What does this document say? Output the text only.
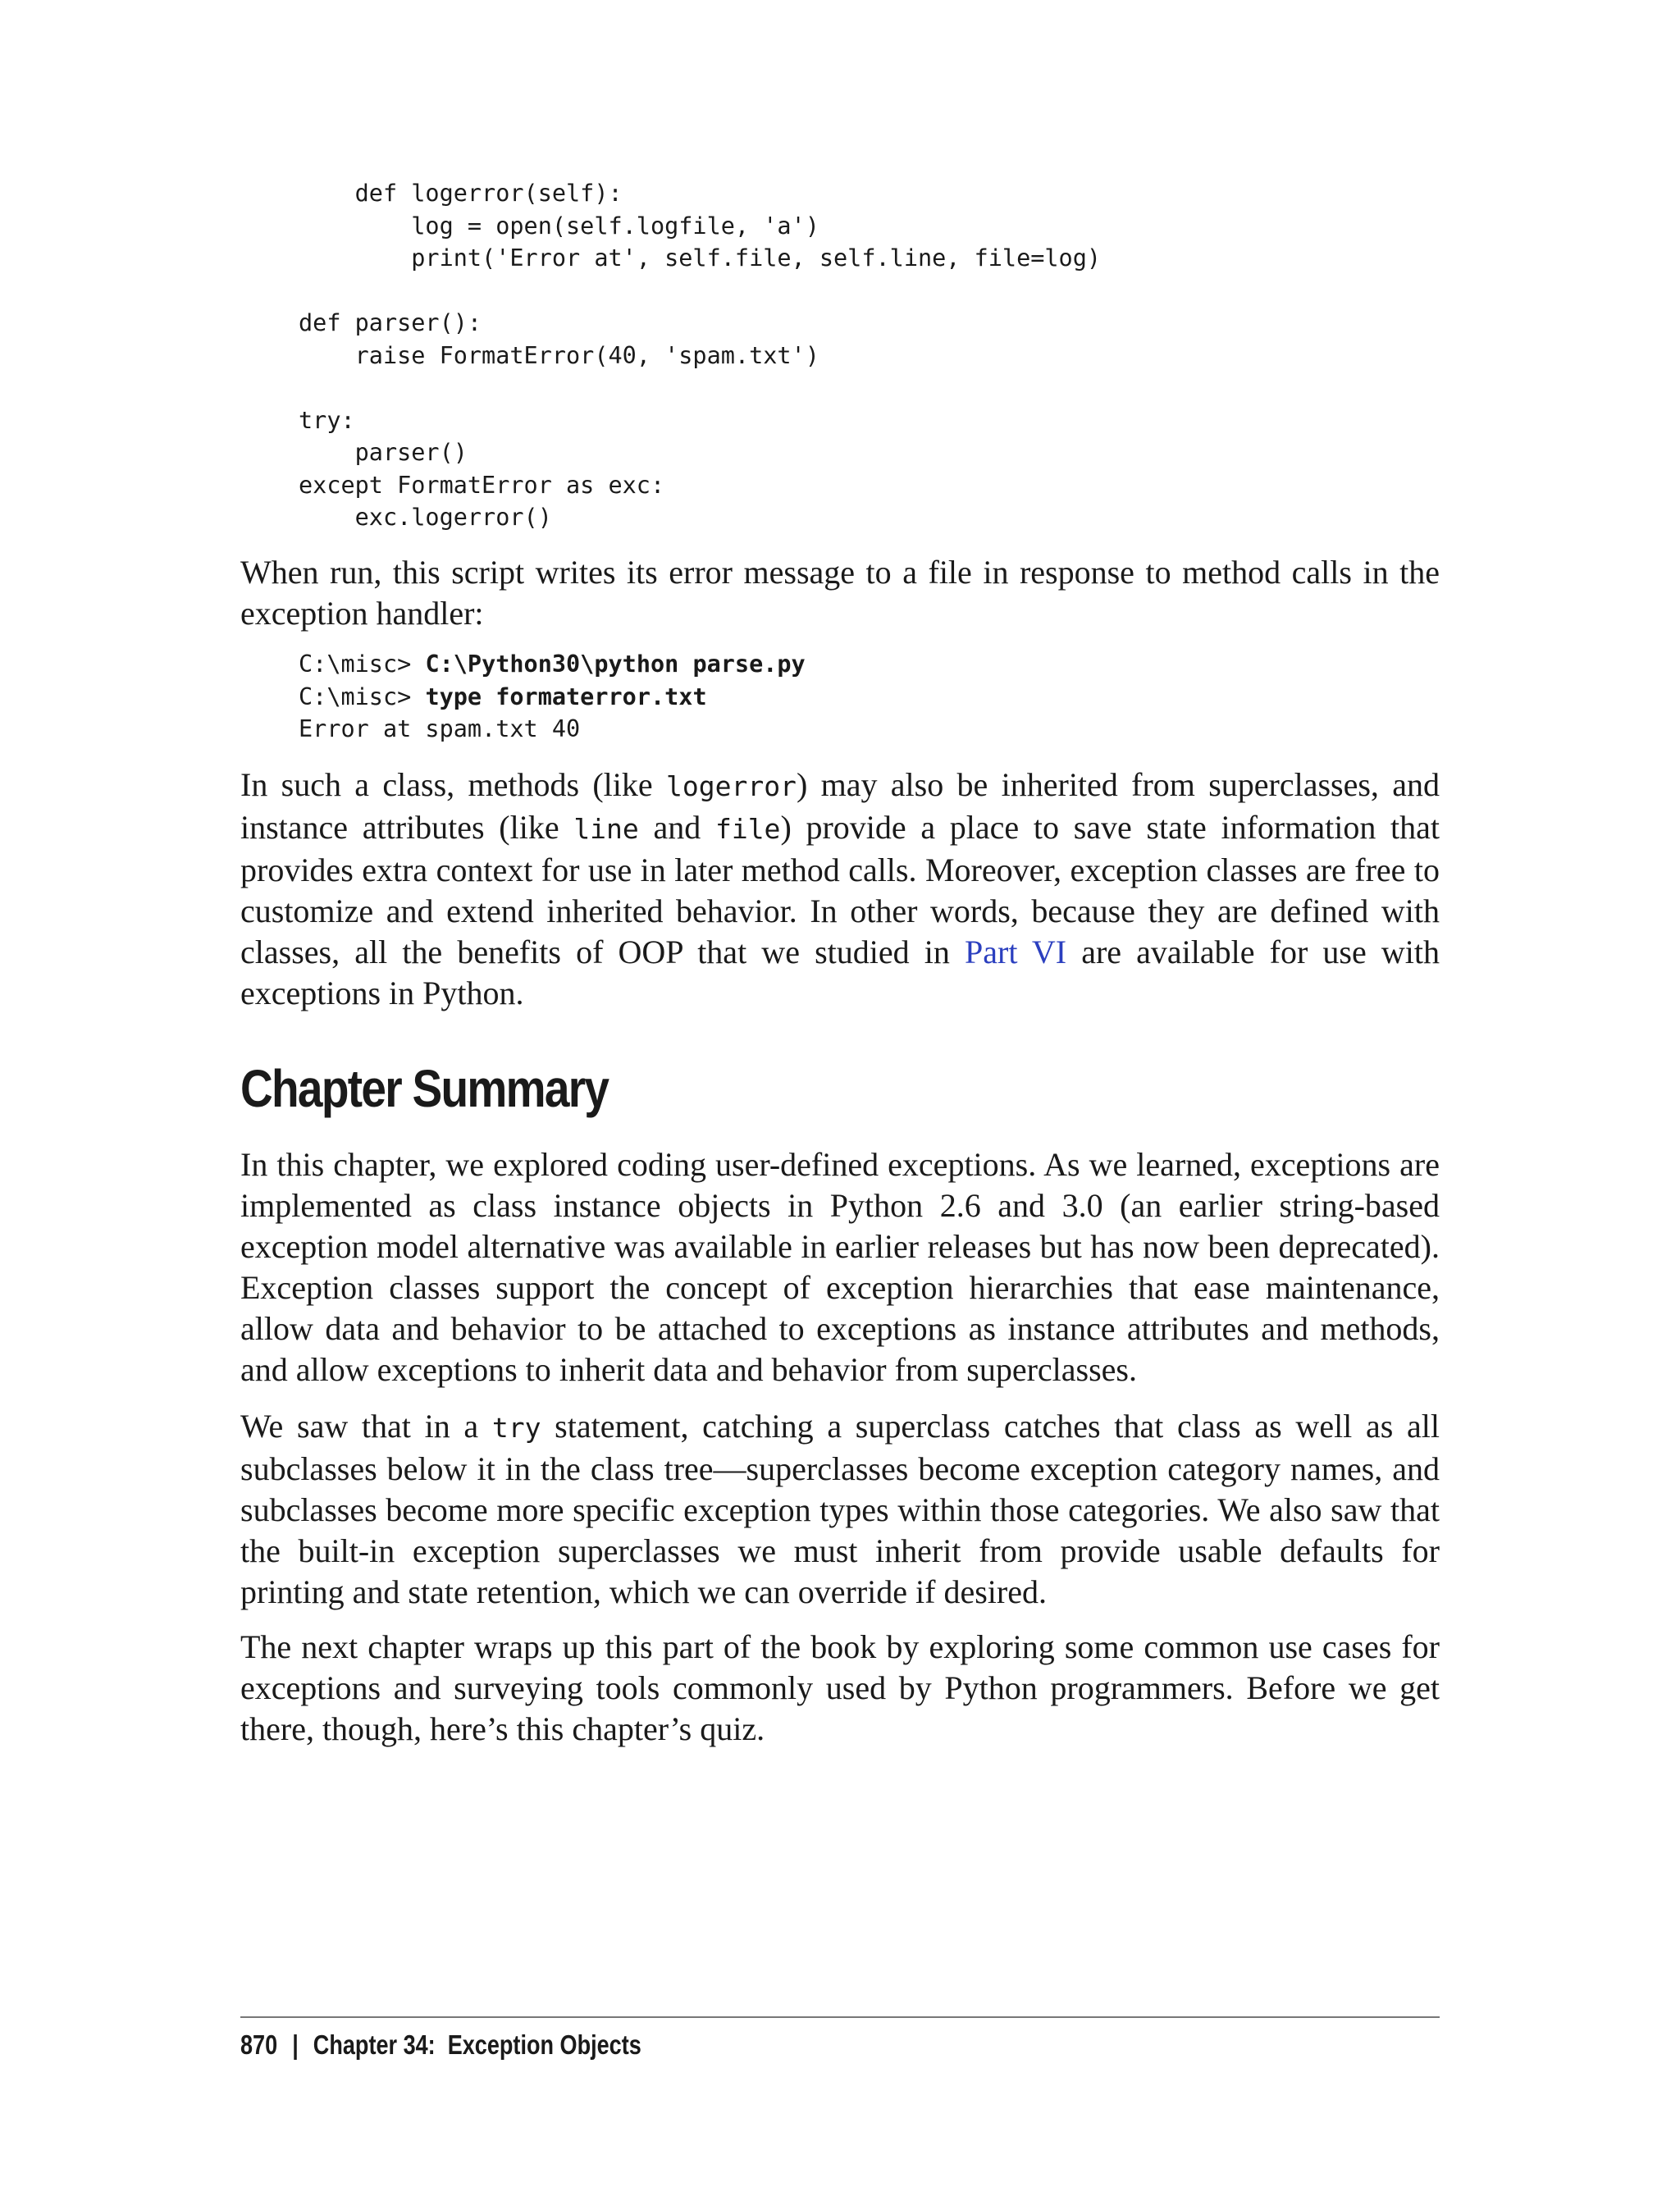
def logerror(self):
log = open(self.logfile, 'a')
print('Error at', self.file, self.line, file=log)

def parser():
raise FormatError(40, 'spam.txt')

try:
parser()
except FormatError as exc:
exc.logerror()

When run, this script writes its error message to a file in response to method calls in the exception handler:

C:\misc> C:\Python30\python parse.py
C:\misc> type formaterror.txt
Error at spam.txt 40

In such a class, methods (like logerror) may also be inherited from superclasses, and instance attributes (like line and file) provide a place to save state information that provides extra context for use in later method calls. Moreover, exception classes are free to customize and extend inherited behavior. In other words, because they are defined with classes, all the benefits of OOP that we studied in Part VI are available for use with exceptions in Python.

Chapter Summary

In this chapter, we explored coding user-defined exceptions. As we learned, exceptions are implemented as class instance objects in Python 2.6 and 3.0 (an earlier string-based exception model alternative was available in earlier releases but has now been deprecated). Exception classes support the concept of exception hierarchies that ease maintenance, allow data and behavior to be attached to exceptions as instance attributes and methods, and allow exceptions to inherit data and behavior from superclasses.

We saw that in a try statement, catching a superclass catches that class as well as all subclasses below it in the class tree—superclasses become exception category names, and subclasses become more specific exception types within those categories. We also saw that the built-in exception superclasses we must inherit from provide usable defaults for printing and state retention, which we can override if desired.

The next chapter wraps up this part of the book by exploring some common use cases for exceptions and surveying tools commonly used by Python programmers. Before we get there, though, here’s this chapter’s quiz.

870 | Chapter 34:  Exception Objects
